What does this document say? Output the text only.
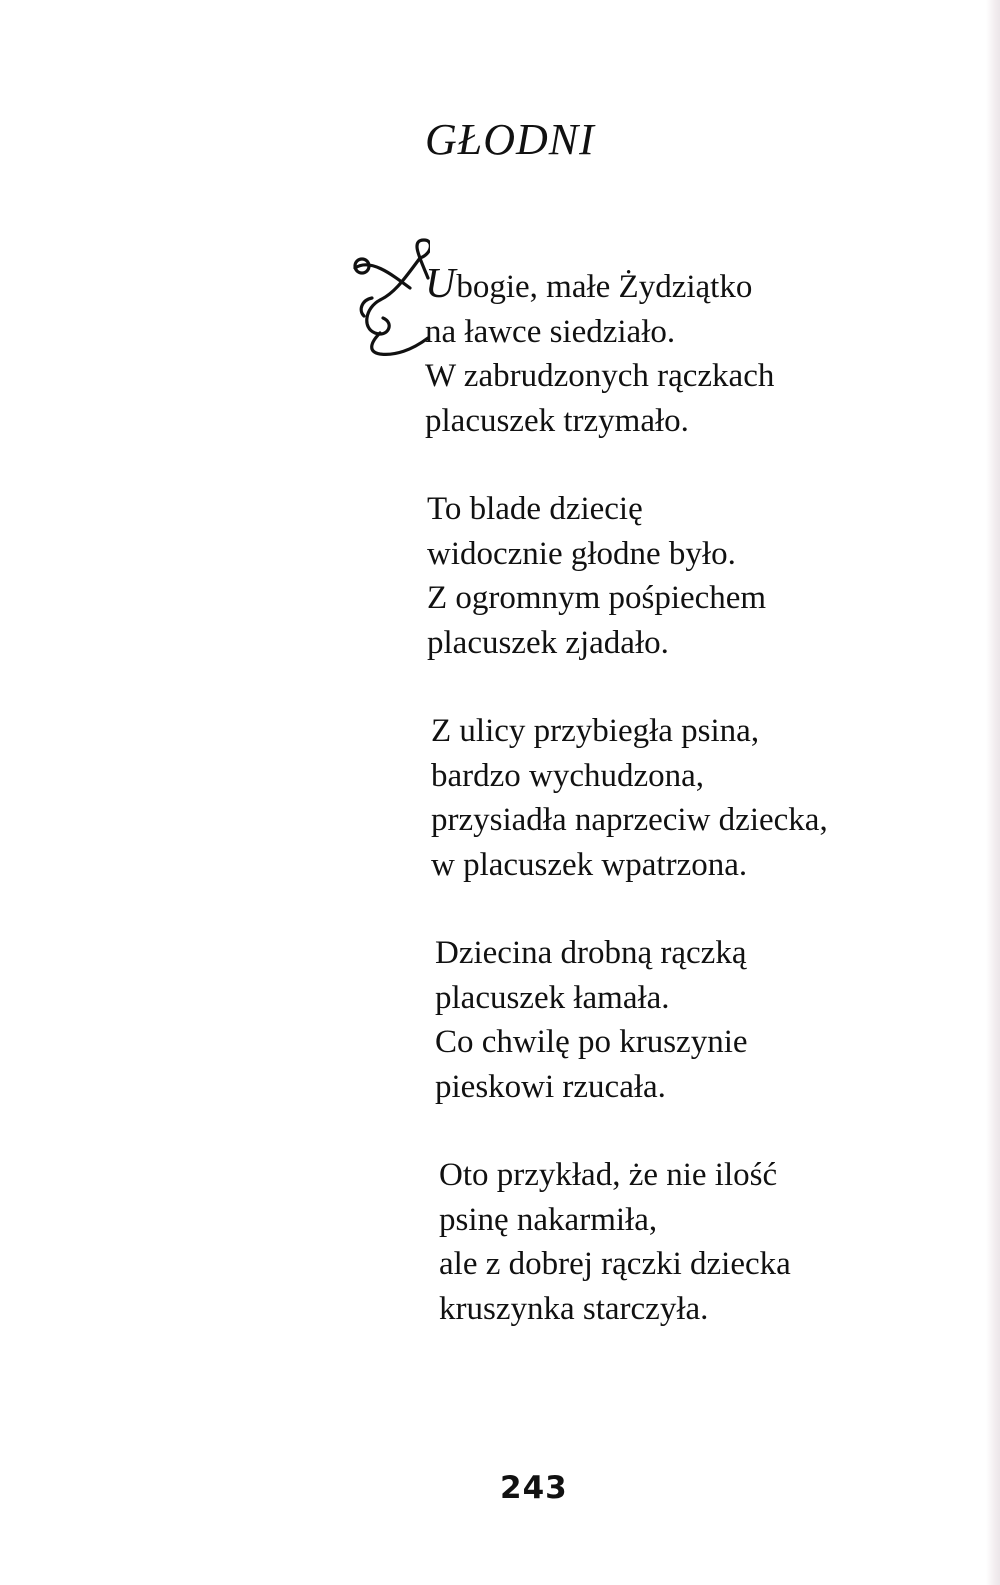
GŁODNI

Ubogie, małe Żydziątko
na ławce siedziało.
W zabrudzonych rączkach
placuszek trzymało.

To blade dziecię
widocznie głodne było.
Z ogromnym pośpiechem
placuszek zjadało.

Z ulicy przybiegła psina,
bardzo wychudzona,
przysiadła naprzeciw dziecka,
w placuszek wpatrzona.

Dziecina drobną rączką
placuszek łamała.
Co chwilę po kruszynie
pieskowi rzucała.

Oto przykład, że nie ilość
psinę nakarmiła,
ale z dobrej rączki dziecka
kruszynka starczyła.

243
